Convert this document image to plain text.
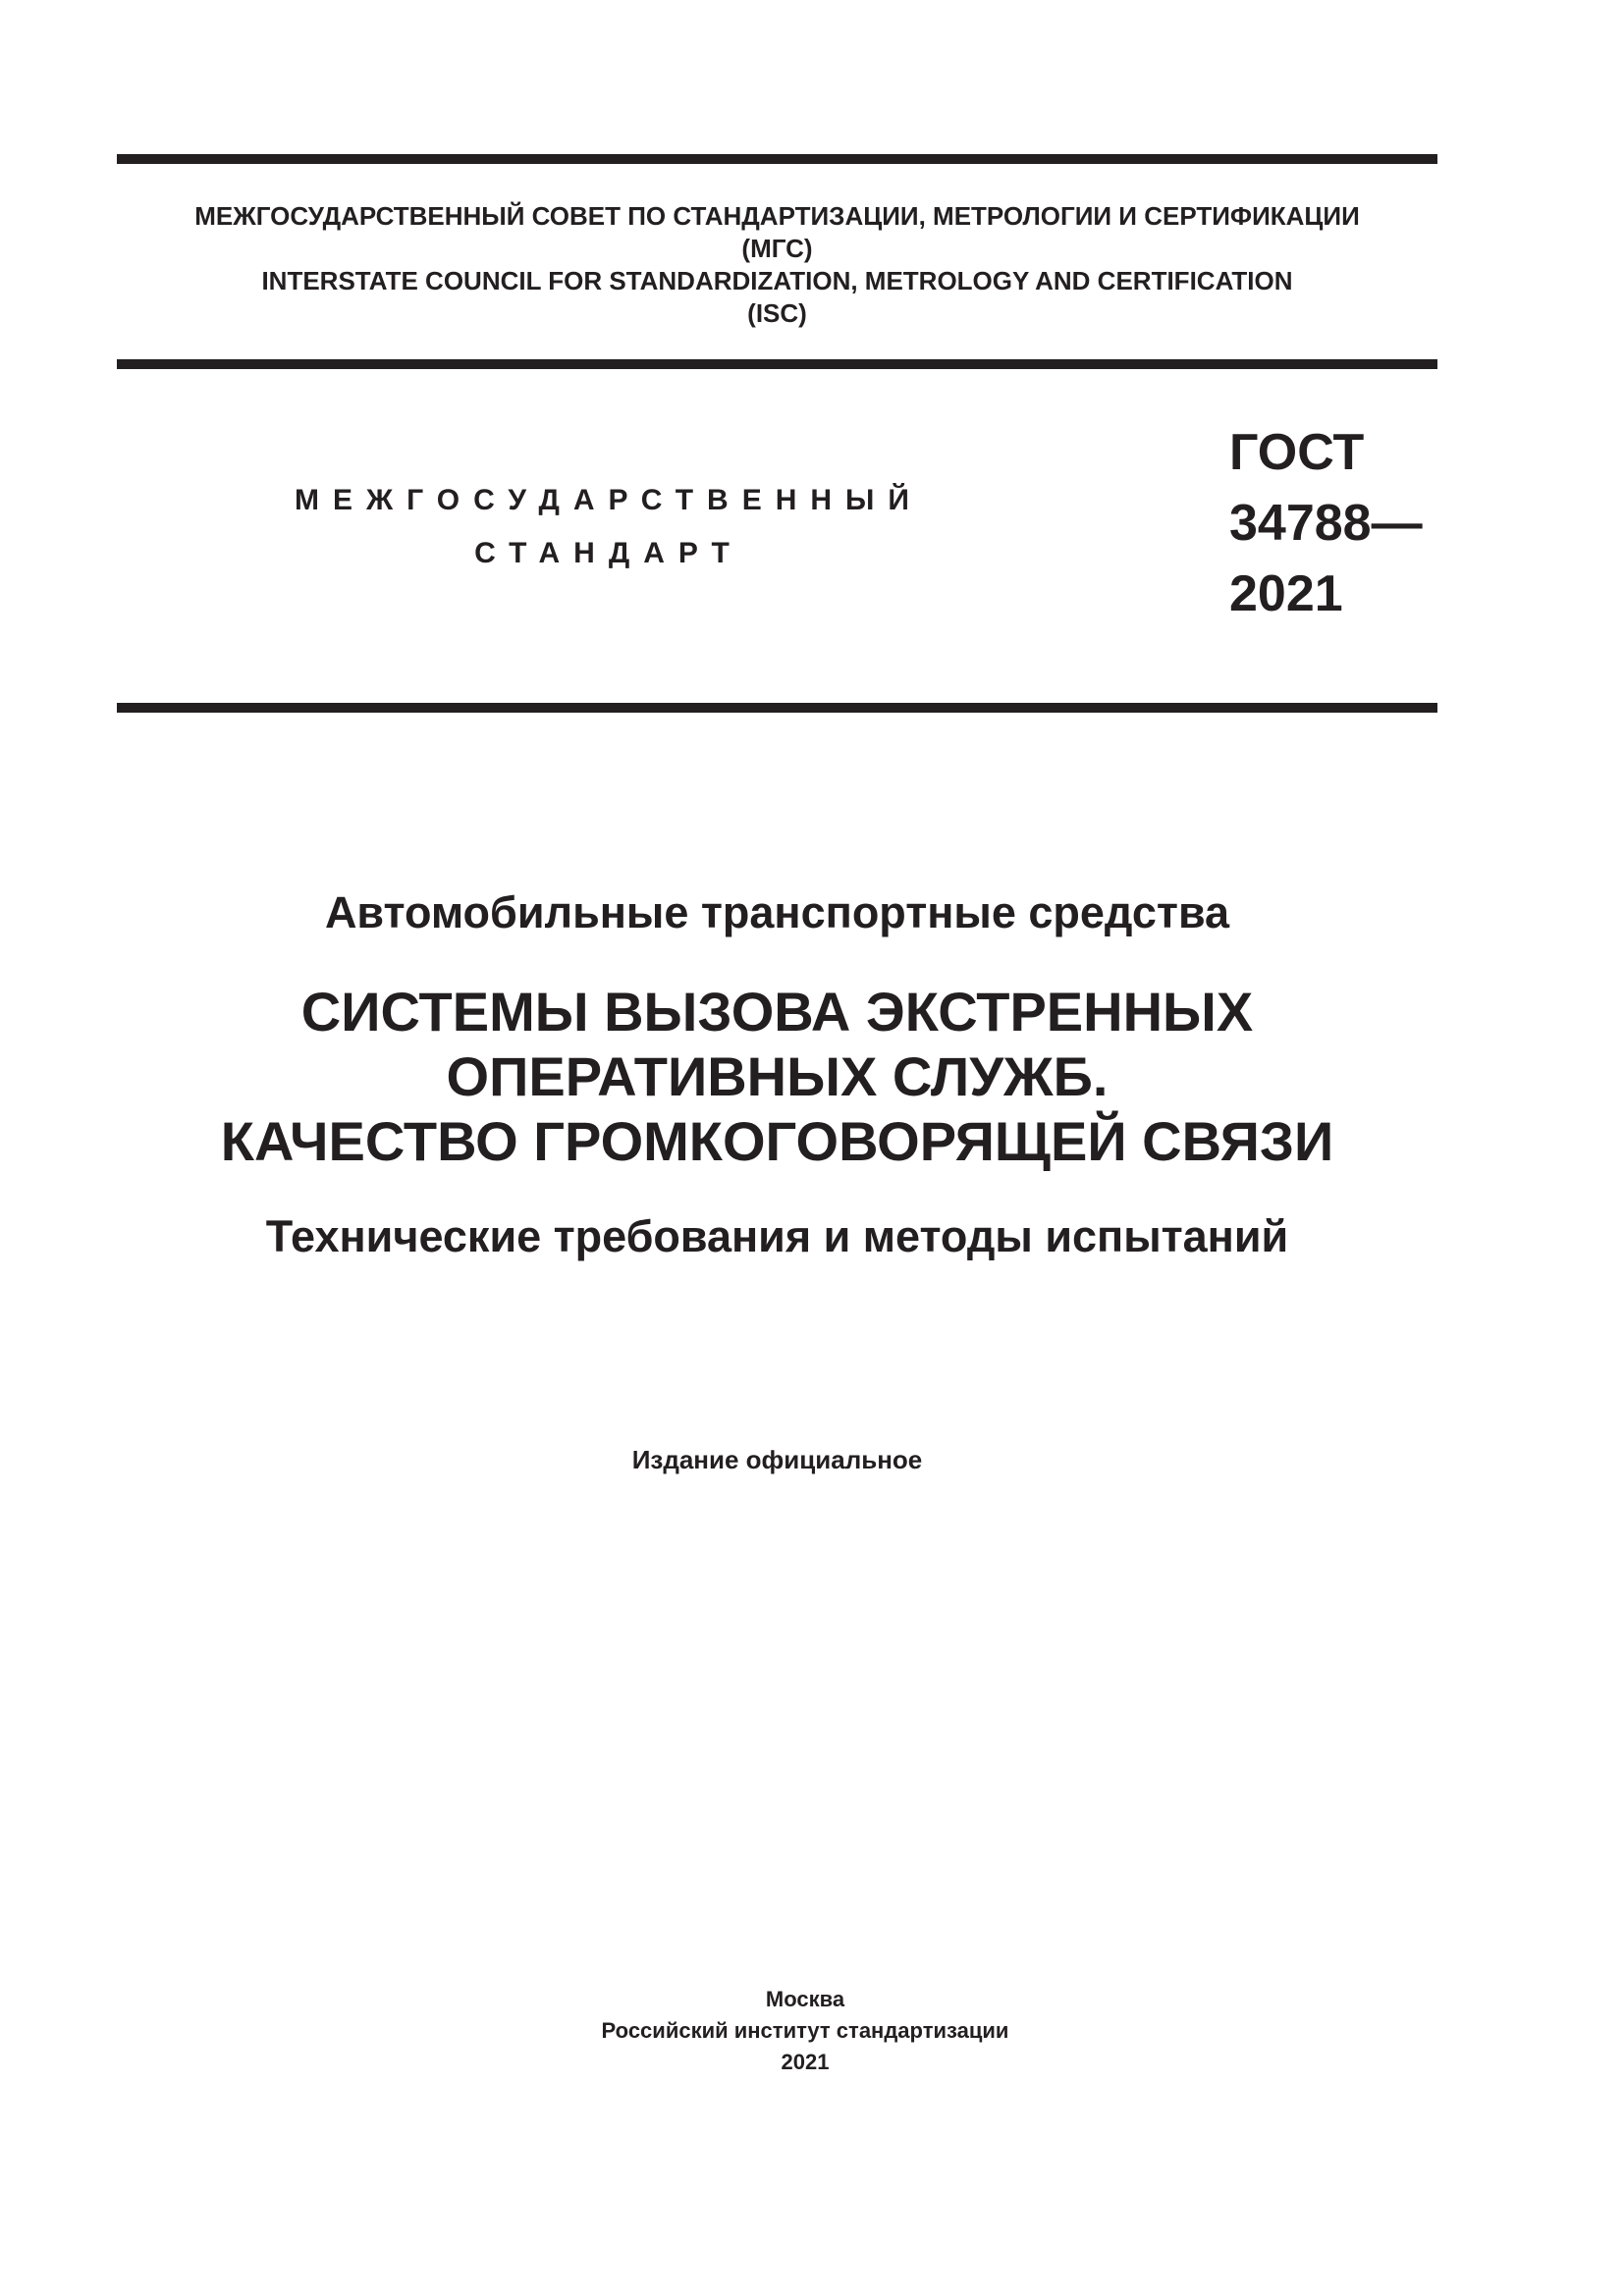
МЕЖГОСУДАРСТВЕННЫЙ СОВЕТ ПО СТАНДАРТИЗАЦИИ, МЕТРОЛОГИИ И СЕРТИФИКАЦИИ
(МГС)
INTERSTATE COUNCIL FOR STANDARDIZATION, METROLOGY AND CERTIFICATION
(ISC)
МЕЖГОСУДАРСТВЕННЫЙ
СТАНДАРТ
ГОСТ
34788—
2021
Автомобильные транспортные средства
СИСТЕМЫ ВЫЗОВА ЭКСТРЕННЫХ
ОПЕРАТИВНЫХ СЛУЖБ.
КАЧЕСТВО ГРОМКОГОВОРЯЩЕЙ СВЯЗИ
Технические требования и методы испытаний
Издание официальное
Москва
Российский институт стандартизации
2021
